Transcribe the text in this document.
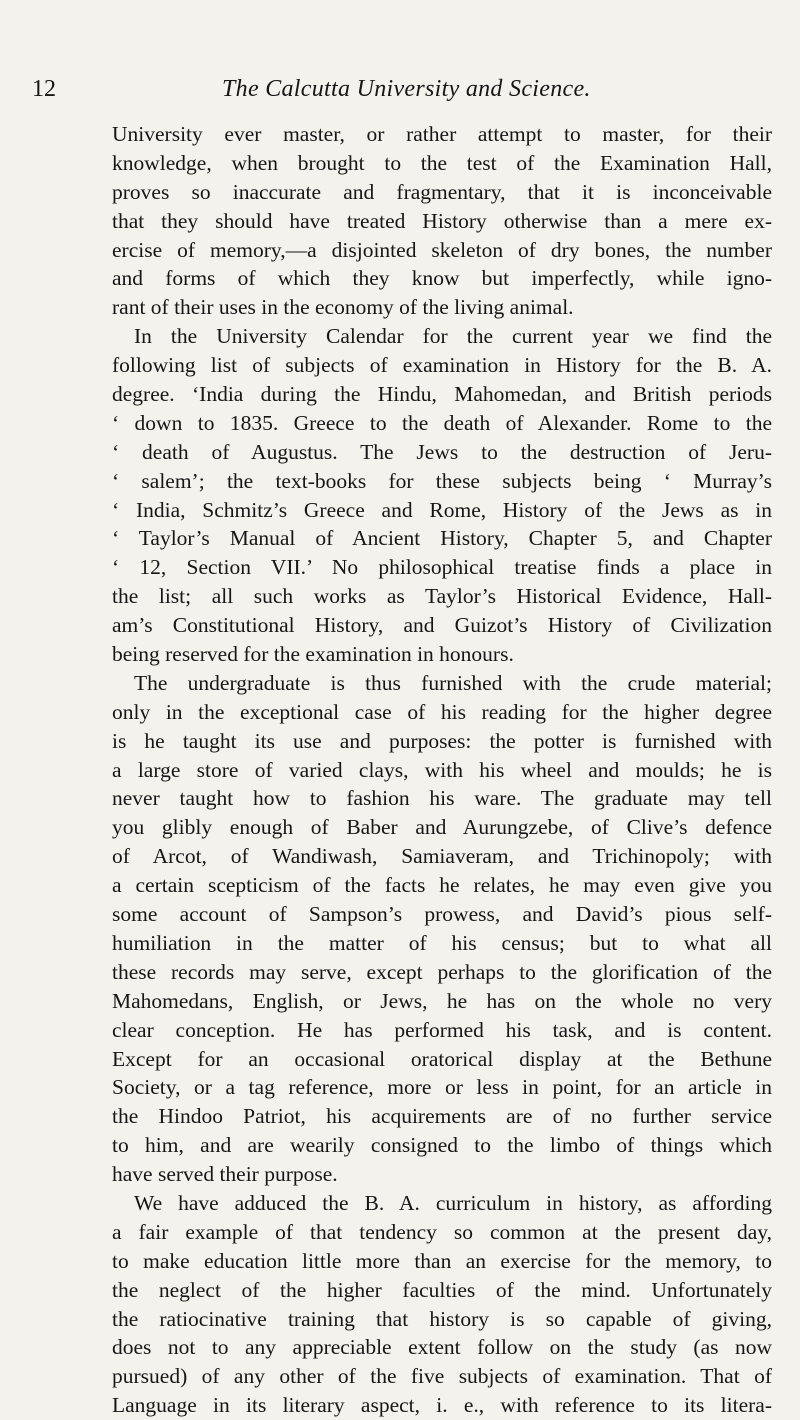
12	The Calcutta University and Science.
University ever master, or rather attempt to master, for their
knowledge, when brought to the test of the Examination Hall,
proves so inaccurate and fragmentary, that it is inconceivable
that they should have treated History otherwise than a mere ex-
ercise of memory,—a disjointed skeleton of dry bones, the number
and forms of which they know but imperfectly, while igno-
rant of their uses in the economy of the living animal.
In the University Calendar for the current year we find the
following list of subjects of examination in History for the B. A.
degree. ‘India during the Hindu, Mahomedan, and British periods
‘ down to 1835. Greece to the death of Alexander. Rome to the
‘ death of Augustus. The Jews to the destruction of Jeru-
‘ salem’; the text-books for these subjects being ‘ Murray’s
‘ India, Schmitz’s Greece and Rome, History of the Jews as in
‘ Taylor’s Manual of Ancient History, Chapter 5, and Chapter
‘ 12, Section VII.’ No philosophical treatise finds a place in
the list; all such works as Taylor’s Historical Evidence, Hall-
am’s Constitutional History, and Guizot’s History of Civilization
being reserved for the examination in honours.
The undergraduate is thus furnished with the crude material;
only in the exceptional case of his reading for the higher degree
is he taught its use and purposes: the potter is furnished with
a large store of varied clays, with his wheel and moulds; he is
never taught how to fashion his ware. The graduate may tell
you glibly enough of Baber and Aurungzebe, of Clive’s defence
of Arcot, of Wandiwash, Samiaveram, and Trichinopoly; with
a certain scepticism of the facts he relates, he may even give you
some account of Sampson’s prowess, and David’s pious self-
humiliation in the matter of his census; but to what all
these records may serve, except perhaps to the glorification of the
Mahomedans, English, or Jews, he has on the whole no very
clear conception. He has performed his task, and is content.
Except for an occasional oratorical display at the Bethune
Society, or a tag reference, more or less in point, for an article in
the Hindoo Patriot, his acquirements are of no further service
to him, and are wearily consigned to the limbo of things which
have served their purpose.
We have adduced the B. A. curriculum in history, as affording
a fair example of that tendency so common at the present day,
to make education little more than an exercise for the memory, to
the neglect of the higher faculties of the mind. Unfortunately
the ratiocinative training that history is so capable of giving,
does not to any appreciable extent follow on the study (as now
pursued) of any other of the five subjects of examination. That of
Language in its literary aspect, i. e., with reference to its litera-
